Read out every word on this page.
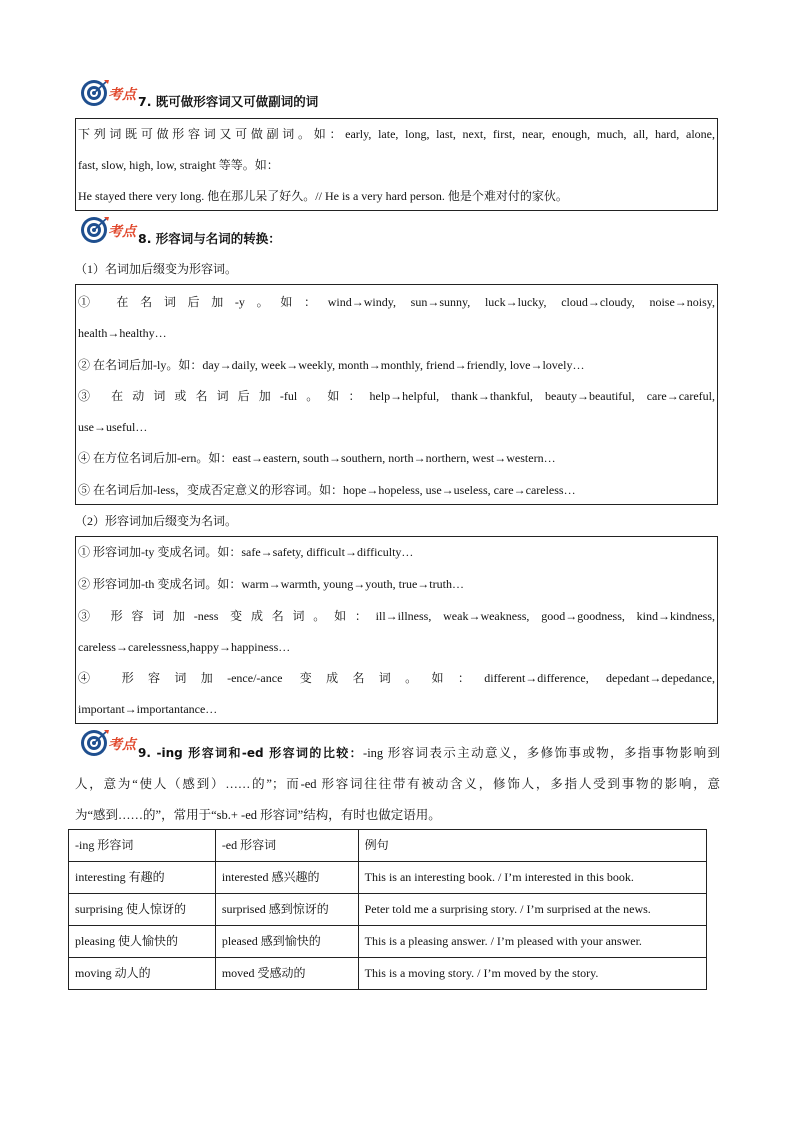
考点 7. 既可做形容词又可做副词的词
下列词既可做形容词又可做副词。如：early, late, long, last, next, first, near, enough, much, all, hard, alone,
fast, slow, high, low, straight 等等。如：
He stayed there very long. 他在那儿呆了好久。// He is a very hard person. 他是个难对付的家伙。
考点 8. 形容词与名词的转换：
（1）名词加后缀变为形容词。
① 在名词后加-y。如：wind→windy, sun→sunny, luck→lucky, cloud→cloudy, noise→noisy,
health→healthy…
② 在名词后加-ly。如：day→daily, week→weekly, month→monthly, friend→friendly, love→lovely…
③ 在动词或名词后加-ful。如：help→helpful, thank→thankful, beauty→beautiful, care→careful,
use→useful…
④ 在方位名词后加-ern。如：east→eastern, south→southern, north→northern, west→western…
⑤ 在名词后加-less，变成否定意义的形容词。如：hope→hopeless, use→useless, care→careless…
（2）形容词加后缀变为名词。
① 形容词加-ty 变成名词。如：safe→safety, difficult→difficulty…
② 形容词加-th 变成名词。如：warm→warmth, young→youth, true→truth…
③ 形容词加-ness 变成名词。如：ill→illness, weak→weakness, good→goodness, kind→kindness,
careless→carelessness,happy→happiness…
④ 形容词加-ence/-ance 变成名词。如：different→difference, depedant→depedance,
important→importantance…
考点 9. -ing 形容词和-ed 形容词的比较：-ing 形容词表示主动意义，多修饰事或物，多指事物影响到
人，意为“使人（感到）……的”；而-ed 形容词往往带有被动含义，修饰人，多指人受到事物的影响，意
为“感到……的”，常用于“sb.+ -ed 形容词”结构，有时也做定语用。
-ing 形容词	-ed 形容词	例句
interesting 有趣的	interested 感兴趣的	This is an interesting book. / I’m interested in this book.
surprising 使人惊讶的	surprised 感到惊讶的	Peter told me a surprising story. / I’m surprised at the news.
pleasing 使人愉快的	pleased 感到愉快的	This is a pleasing answer. / I’m pleased with your answer.
moving 动人的	moved 受感动的	This is a moving story. / I’m moved by the story.
